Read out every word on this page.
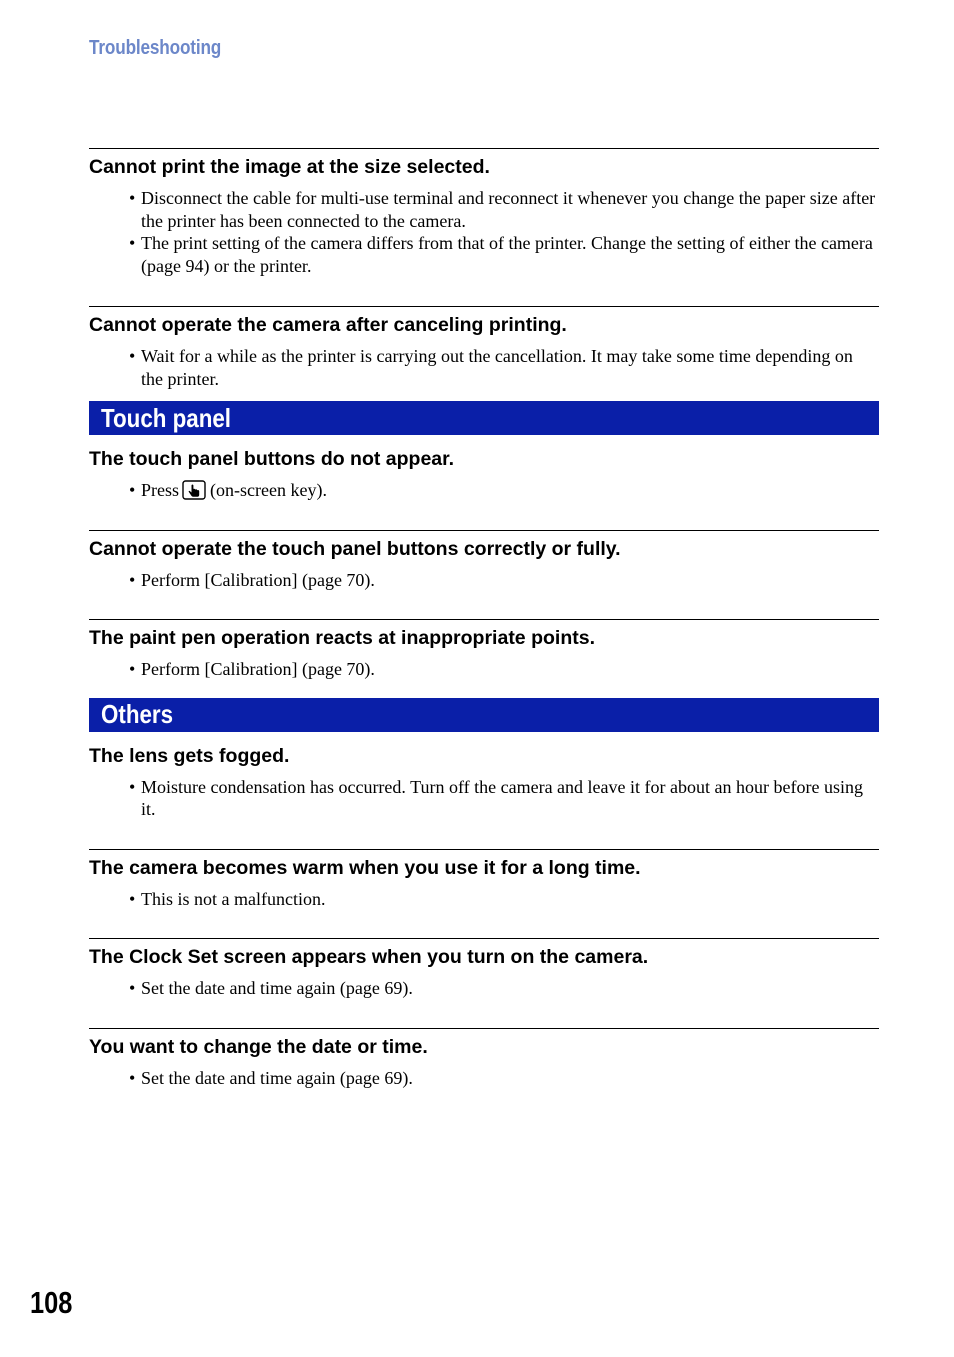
Troubleshooting
Cannot print the image at the size selected.
• Disconnect the cable for multi-use terminal and reconnect it whenever you change the paper size after the printer has been connected to the camera.
• The print setting of the camera differs from that of the printer. Change the setting of either the camera (page 94) or the printer.
Cannot operate the camera after canceling printing.
• Wait for a while as the printer is carrying out the cancellation. It may take some time depending on the printer.
Touch panel
The touch panel buttons do not appear.
• Press (on-screen key).
Cannot operate the touch panel buttons correctly or fully.
• Perform [Calibration] (page 70).
The paint pen operation reacts at inappropriate points.
• Perform [Calibration] (page 70).
Others
The lens gets fogged.
• Moisture condensation has occurred. Turn off the camera and leave it for about an hour before using it.
The camera becomes warm when you use it for a long time.
• This is not a malfunction.
The Clock Set screen appears when you turn on the camera.
• Set the date and time again (page 69).
You want to change the date or time.
• Set the date and time again (page 69).
108
